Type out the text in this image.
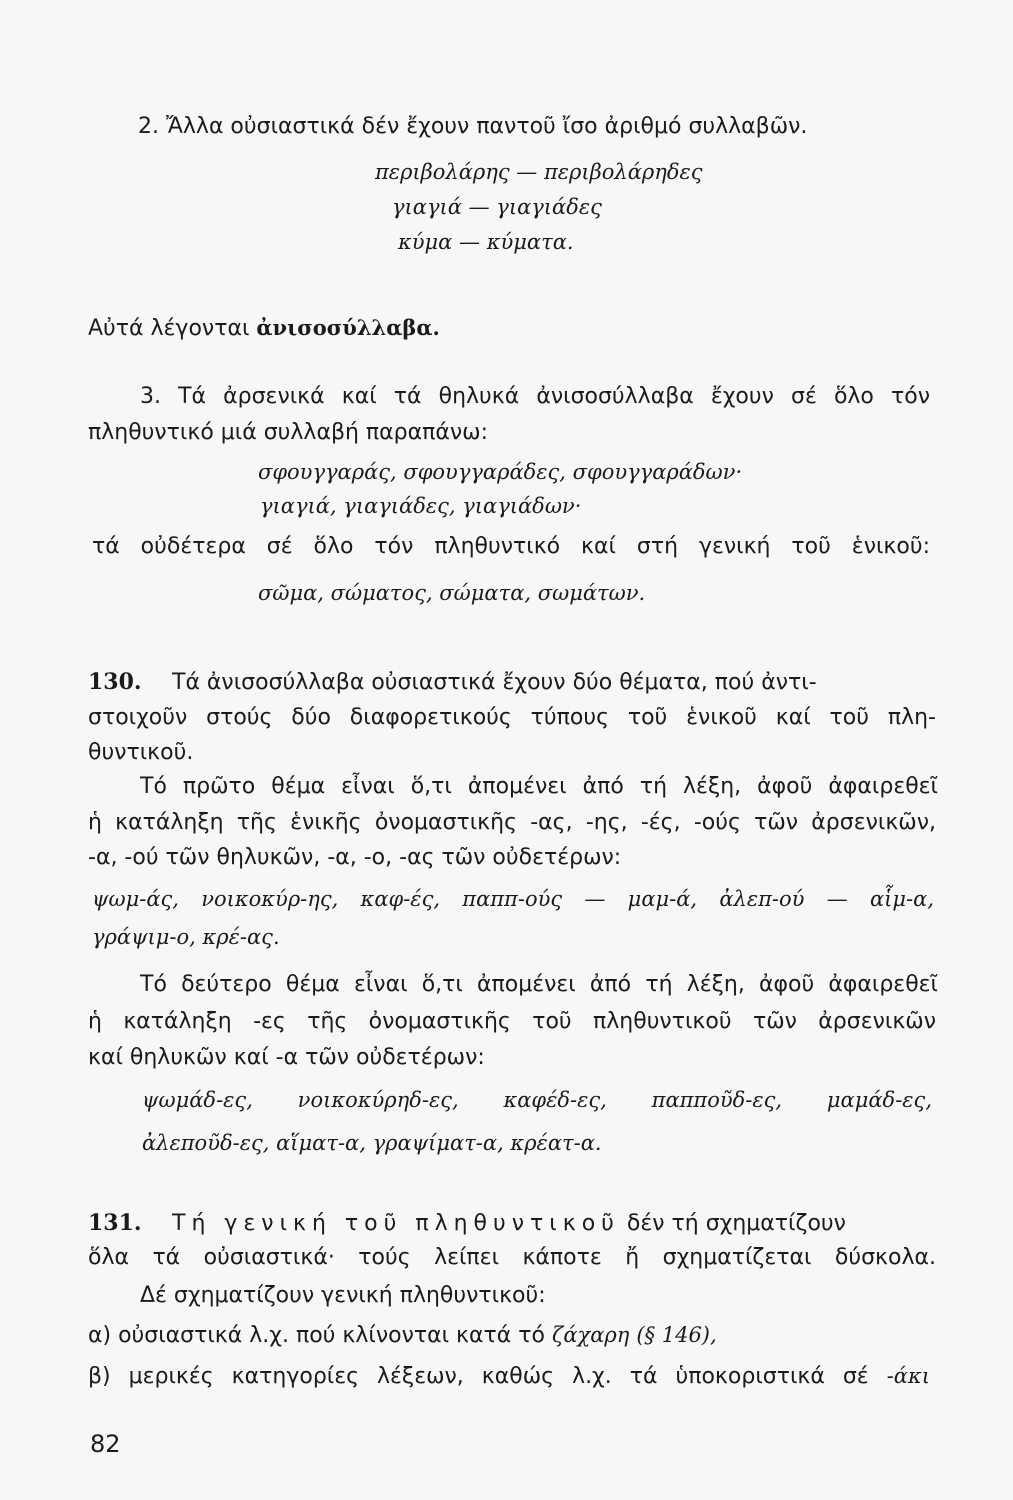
2. Ἄλλα οὐσιαστικά δέν ἔχουν παντοῦ ἴσο ἀριθμό συλλαβῶν.
περιβολάρης — περιβολάρηδες
γιαγιά — γιαγιάδες
κύμα — κύματα.
Αὐτά λέγονται ἀνισοσύλλαβα.
3. Τά ἀρσενικά καί τά θηλυκά ἀνισοσύλλαβα ἔχουν σέ ὅλο τόν
πληθυντικό μιά συλλαβή παραπάνω:
σφουγγαράς, σφουγγαράδες, σφουγγαράδων·
γιαγιά, γιαγιάδες, γιαγιάδων·
τά οὐδέτερα σέ ὅλο τόν πληθυντικό καί στή γενική τοῦ ἑνικοῦ:
σῶμα, σώματος, σώματα, σωμάτων.
130. Τά ἀνισοσύλλαβα οὐσιαστικά ἔχουν δύο θέματα, πού ἀντι-
στοιχοῦν στούς δύο διαφορετικούς τύπους τοῦ ἑνικοῦ καί τοῦ πλη-
θυντικοῦ.
Τό πρῶτο θέμα εἶναι ὅ,τι ἀπομένει ἀπό τή λέξη, ἀφοῦ ἀφαιρεθεῖ
ἡ κατάληξη τῆς ἑνικῆς ὀνομαστικῆς -ας, -ης, -ές, -ούς τῶν ἀρσενικῶν,
-α, -ού τῶν θηλυκῶν, -α, -ο, -ας τῶν οὐδετέρων:
ψωμ-άς, νοικοκύρ-ης, καφ-ές, παππ-ούς — μαμ-ά, ἀλεπ-ού — αἷμ-α,
γράψιμ-ο, κρέ-ας.
Τό δεύτερο θέμα εἶναι ὅ,τι ἀπομένει ἀπό τή λέξη, ἀφοῦ ἀφαιρεθεῖ
ἡ κατάληξη -ες τῆς ὀνομαστικῆς τοῦ πληθυντικοῦ τῶν ἀρσενικῶν
καί θηλυκῶν καί -α τῶν οὐδετέρων:
ψωμάδ-ες, νοικοκύρηδ-ες, καφέδ-ες, παπποῦδ-ες, μαμάδ-ες,
ἀλεποῦδ-ες, αἵματ-α, γραψίματ-α, κρέατ-α.
131. Τή γενική τοῦ πληθυντικοῦ δέν τή σχηματίζουν
ὅλα τά οὐσιαστικά· τούς λείπει κάποτε ἤ σχηματίζεται δύσκολα.
Δέ σχηματίζουν γενική πληθυντικοῦ:
α) οὐσιαστικά λ.χ. πού κλίνονται κατά τό ζάχαρη (§ 146),
β) μερικές κατηγορίες λέξεων, καθώς λ.χ. τά ὑποκοριστικά σέ -άκι
82
